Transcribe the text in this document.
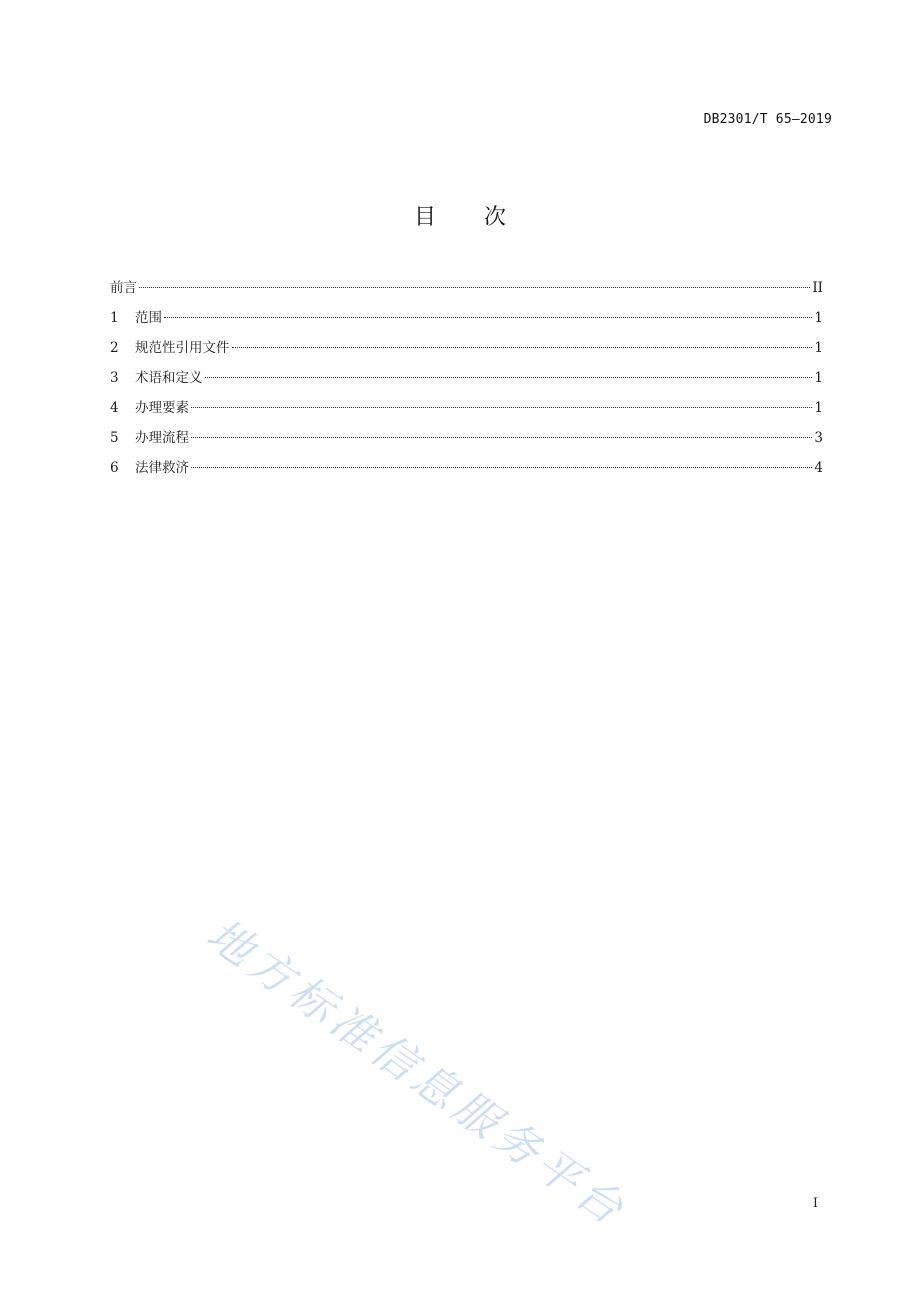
DB2301/T 65—2019
目次
前言	II
1	范围	1
2	规范性引用文件	1
3	术语和定义	1
4	办理要素	1
5	办理流程	3
6	法律救济	4
地方标准信息服务平台	I
